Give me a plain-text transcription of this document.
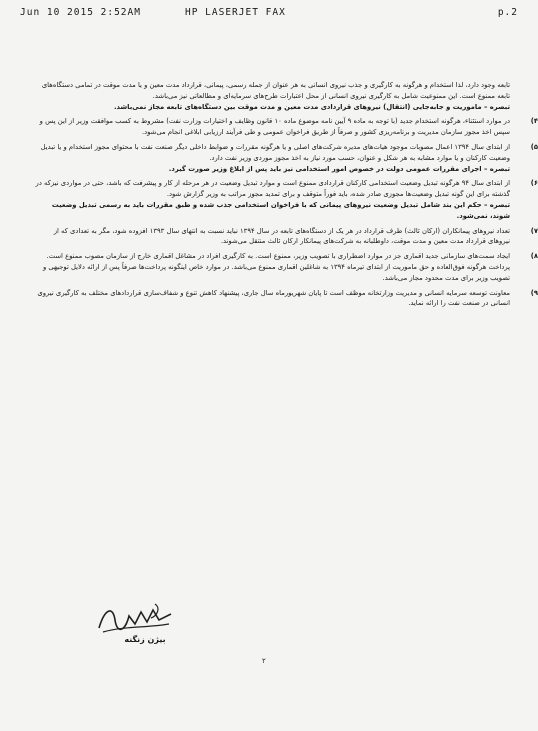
Jun 10 2015 2:52AM	HP LASERJET FAX	p.2

تابعه وجود دارد، لذا استخدام و هرگونه به کارگیری و جذب نیروی انسانی به هر عنوان از جمله رسمی، پیمانی، قرارداد مدت معین و یا مدت موقت در تمامی دستگاه‌های تابعه ممنوع است. این ممنوعیت شامل به کارگیری نیروی انسانی از محل اعتبارات طرح‌های سرمایه‌ای و مطالعاتی نیز می‌باشد.

تبصره – ماموریت و جابه‌جایی (انتقال) نیروهای قراردادی مدت معین و مدت موقت بین دستگاه‌های تابعه مجاز نمی‌باشد.

۴)

در موارد استثناء، هرگونه استخدام جدید (با توجه به ماده ۹ آیین نامه موضوع ماده ۱۰ قانون وظایف و اختیارات وزارت نفت) مشروط به کسب موافقت وزیر از این پس و سپس اخذ مجوز سازمان مدیریت و برنامه‌ریزی کشور و صرفاً از طریق فراخوان عمومی و طی فرآیند ارزیابی ابلاغی انجام می‌شود.

۵)

از ابتدای سال ۱۳۹۴ اعمال مصوبات موجود هیات‌های مدیره شرکت‌های اصلی و یا هرگونه مقررات و ضوابط داخلی دیگر صنعت نفت با محتوای مجوز استخدام و یا تبدیل وضعیت کارکنان و یا موارد مشابه به هر شکل و عنوان، حسب مورد نیاز به اخذ مجوز موردی وزیر نفت دارد.

تبصره – اجرای مقررات عمومی دولت در خصوص امور استخدامی نیز باید پس از ابلاغ وزیر صورت گیرد.

۶)

از ابتدای سال ۹۴ هرگونه تبدیل وضعیت استخدامی کارکنان قراردادی ممنوع است و موارد تبدیل وضعیت در هر مرحله از کار و پیشرفت که باشد، حتی در مواردی نیزکه در گذشته برای این گونه تبدیل وضعیت‌ها مجوزی صادر شده، باید فوراً متوقف و برای تمدید مجوز مراتب به وزیر گزارش شود.

تبصره – حکم این بند شامل تبدیل وضعیت نیروهای پیمانی که با فراخوان استخدامی جذب شده و طبق مقررات باید به رسمی تبدیل وضعیت شوند، نمی‌شود.

۷)

تعداد نیروهای پیمانکاران (ارکان ثالث) طرف قرارداد در هر یک از دستگاه‌های تابعه در سال ۱۳۹۴ نباید نسبت به انتهای سال ۱۳۹۳ افزوده شود، مگر به تعدادی که از نیروهای قرارداد مدت معین و مدت موقت، داوطلبانه به شرکت‌های پیمانکار ارکان ثالث منتقل می‌شوند.

۸)

ایجاد سمت‌های سازمانی جدید اقماری جز در موارد اضطراری با تصویب وزیر، ممنوع است. به کارگیری افراد در مشاغل اقماری خارج از سازمان مصوب ممنوع است. پرداخت هرگونه فوق‌العاده و حق ماموریت از ابتدای تیرماه ۱۳۹۴ به شاغلین اقماری ممنوع می‌باشد. در موارد خاص اینگونه پرداخت‌ها صرفاً پس از ارائه دلایل توجیهی و تصویب وزیر برای مدت محدود مجاز می‌باشد.

۹)

معاونت توسعه سرمایه انسانی و مدیریت وزارتخانه موظف است تا پایان شهریورماه سال جاری، پیشنهاد کاهش تنوع و شفاف‌سازی قراردادهای مختلف به کارگیری نیروی انسانی در صنعت نفت را ارائه نماید.

بیژن زنگنه
۲
